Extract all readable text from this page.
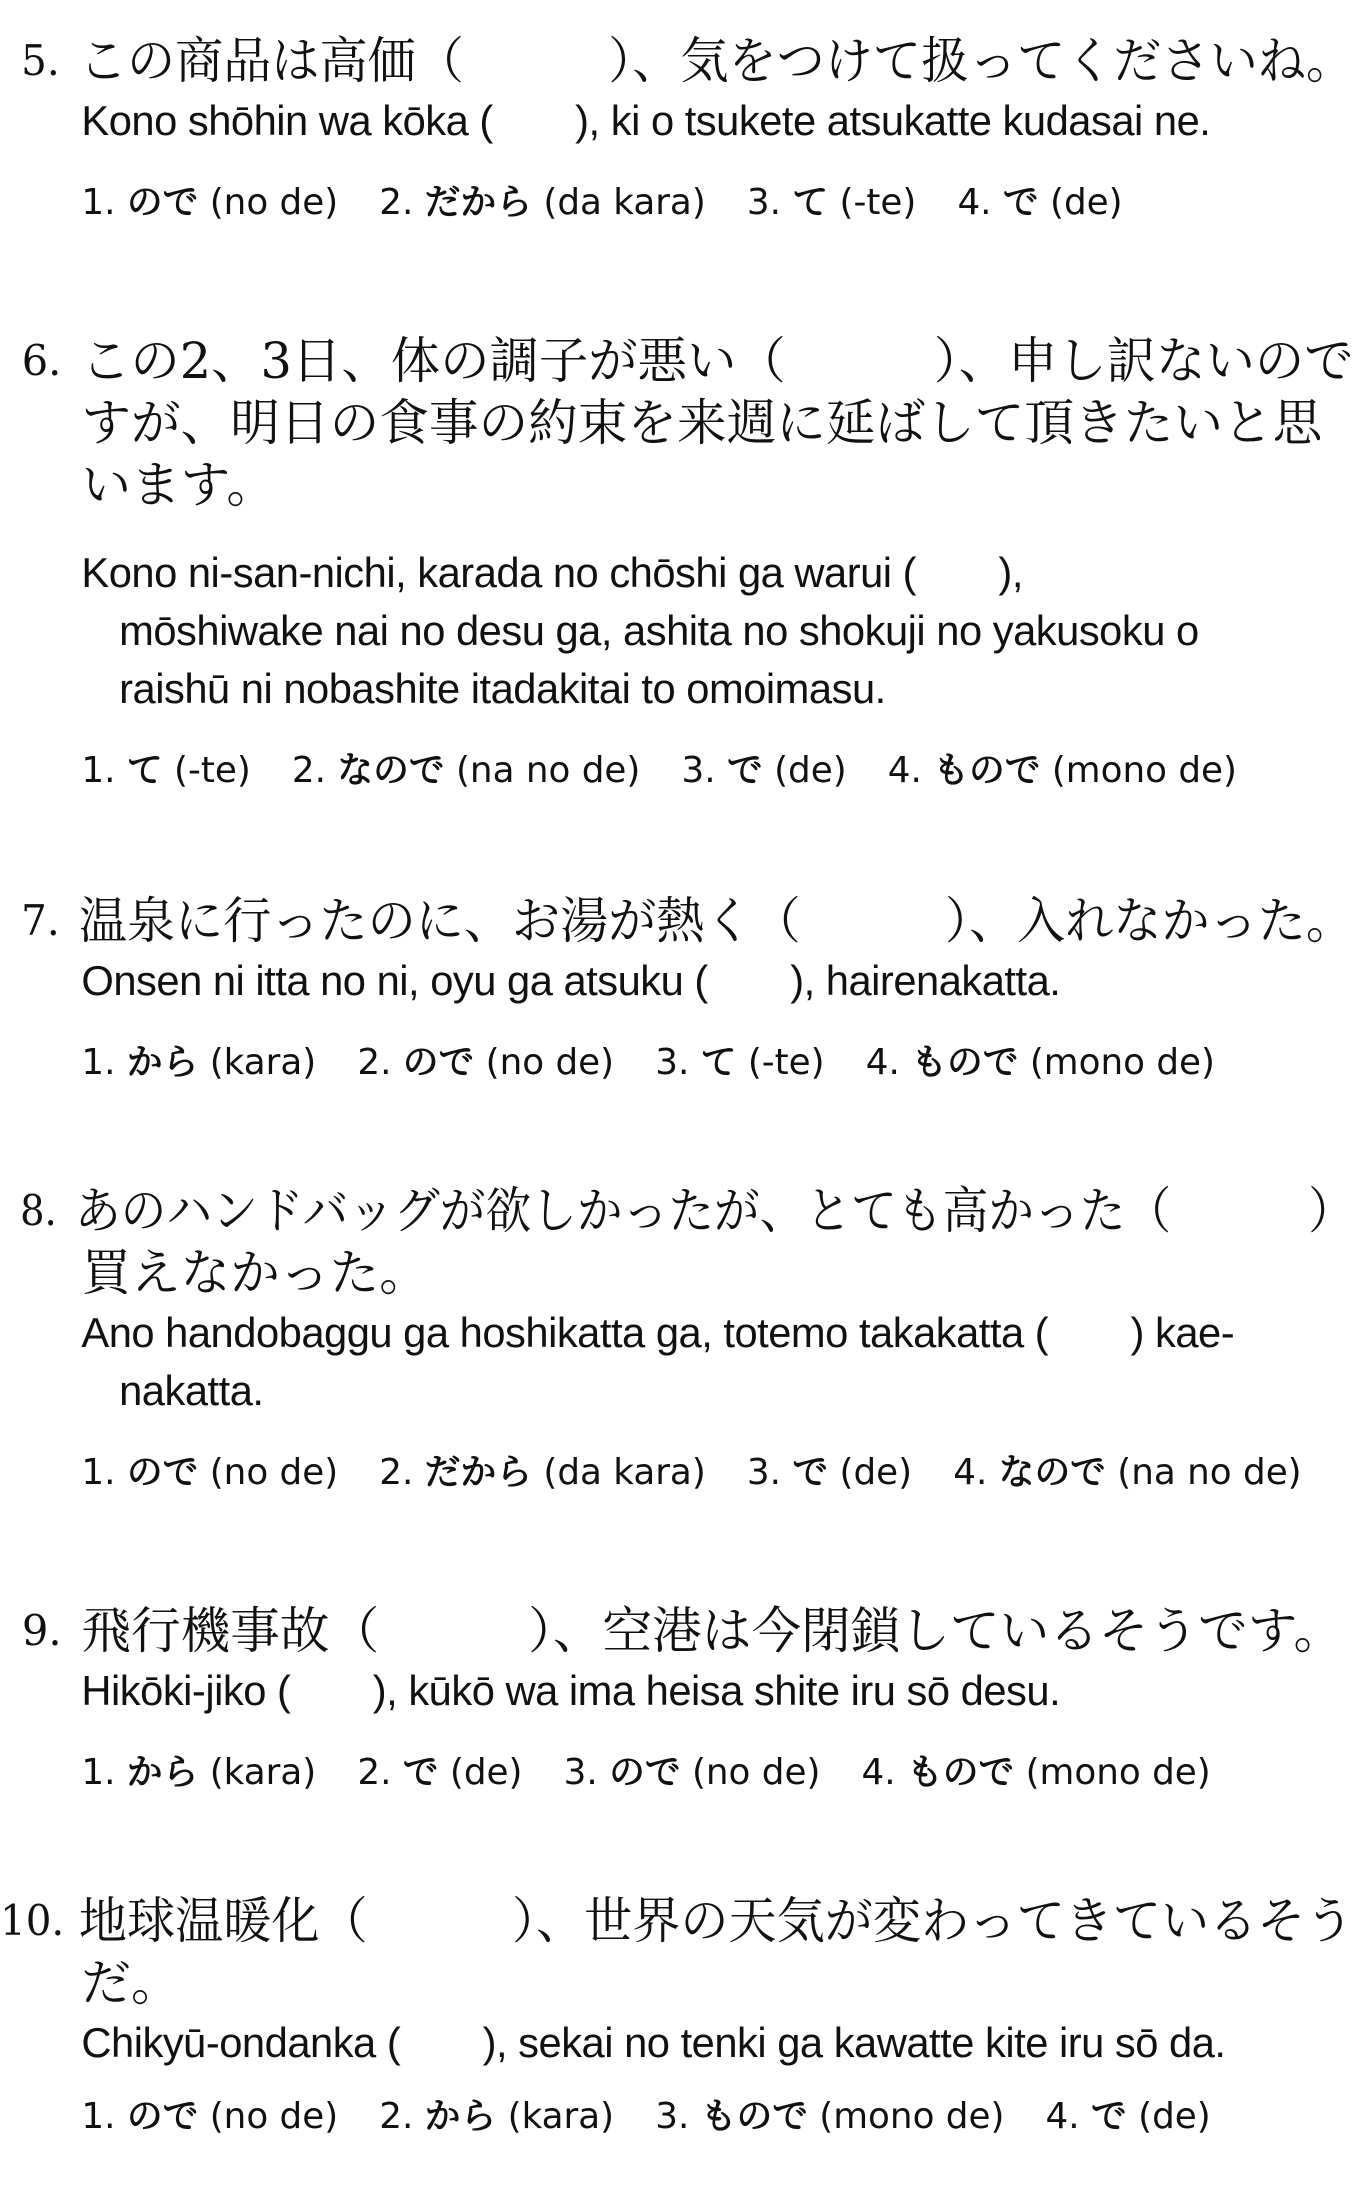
5. この商品は高価（　　　）、気をつけて扱ってくださいね。

Kono shōhin wa kōka (　　), ki o tsukete atsukatte kudasai ne.

1. ので (no de) 2. だから (da kara) 3. て (-te) 4. で (de)

6. この2、3日、体の調子が悪い（　　　）、申し訳ないので

すが、明日の食事の約束を来週に延ばして頂きたいと思

います。

Kono ni-san-nichi, karada no chōshi ga warui (　　),

mōshiwake nai no desu ga, ashita no shokuji no yakusoku o

raishū ni nobashite itadakitai to omoimasu.

1. て (-te) 2. なので (na no de) 3. で (de) 4. もので (mono de)

7. 温泉に行ったのに、お湯が熱く（　　　）、入れなかった。

Onsen ni itta no ni, oyu ga atsuku (　　), hairenakatta.

1. から (kara) 2. ので (no de) 3. て (-te) 4. もので (mono de)

8. あのハンドバッグが欲しかったが、とても高かった（　　　）

買えなかった。

Ano handobaggu ga hoshikatta ga, totemo takakatta (　　) kae-

nakatta.

1. ので (no de) 2. だから (da kara) 3. で (de) 4. なので (na no de)

9. 飛行機事故（　　　）、空港は今閉鎖しているそうです。

Hikōki-jiko (　　), kūkō wa ima heisa shite iru sō desu.

1. から (kara) 2. で (de) 3. ので (no de) 4. もので (mono de)

10. 地球温暖化（　　　）、世界の天気が変わってきているそう

だ。

Chikyū-ondanka (　　), sekai no tenki ga kawatte kite iru sō da.

1. ので (no de) 2. から (kara) 3. もので (mono de) 4. で (de)
